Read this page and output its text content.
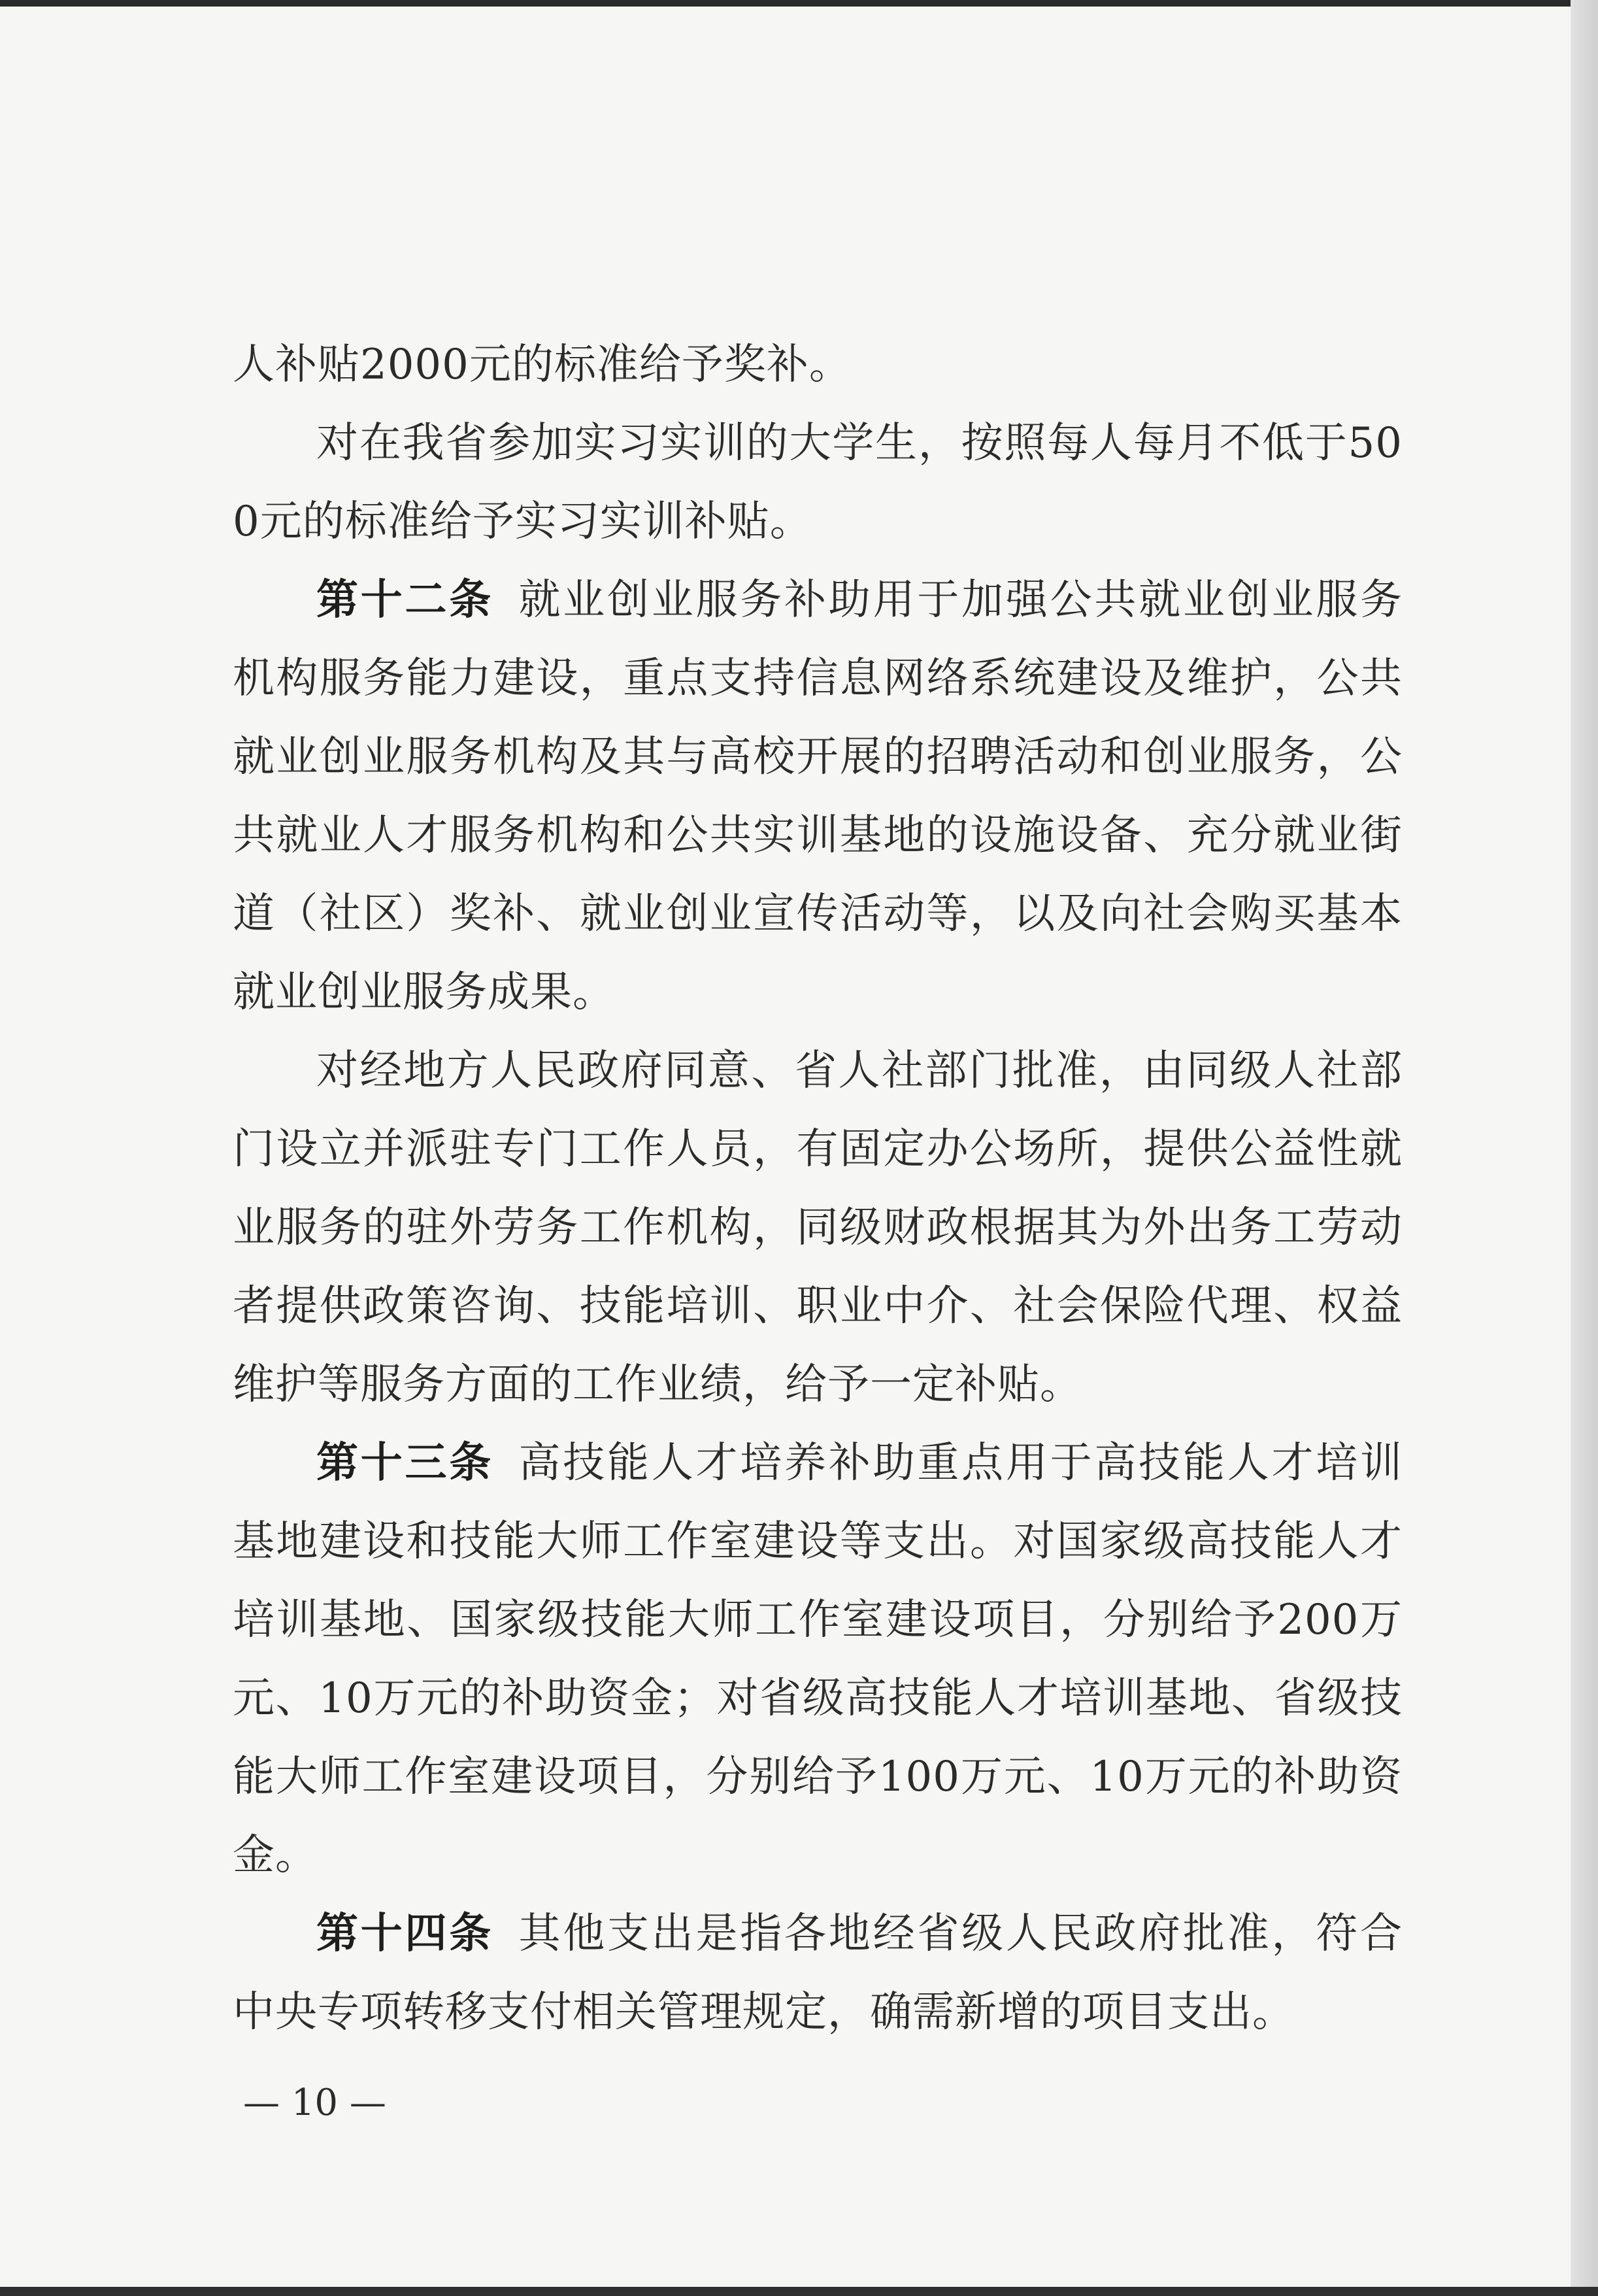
人补贴2000元的标准给予奖补。

对在我省参加实习实训的大学生，按照每人每月不低于500元的标准给予实习实训补贴。

第十二条 就业创业服务补助用于加强公共就业创业服务机构服务能力建设，重点支持信息网络系统建设及维护，公共就业创业服务机构及其与高校开展的招聘活动和创业服务，公共就业人才服务机构和公共实训基地的设施设备、充分就业街道（社区）奖补、就业创业宣传活动等，以及向社会购买基本就业创业服务成果。

对经地方人民政府同意、省人社部门批准，由同级人社部门设立并派驻专门工作人员，有固定办公场所，提供公益性就业服务的驻外劳务工作机构，同级财政根据其为外出务工劳动者提供政策咨询、技能培训、职业中介、社会保险代理、权益维护等服务方面的工作业绩，给予一定补贴。

第十三条 高技能人才培养补助重点用于高技能人才培训基地建设和技能大师工作室建设等支出。对国家级高技能人才培训基地、国家级技能大师工作室建设项目，分别给予200万元、10万元的补助资金；对省级高技能人才培训基地、省级技能大师工作室建设项目，分别给予100万元、10万元的补助资金。

第十四条 其他支出是指各地经省级人民政府批准，符合中央专项转移支付相关管理规定，确需新增的项目支出。

— 10 —
